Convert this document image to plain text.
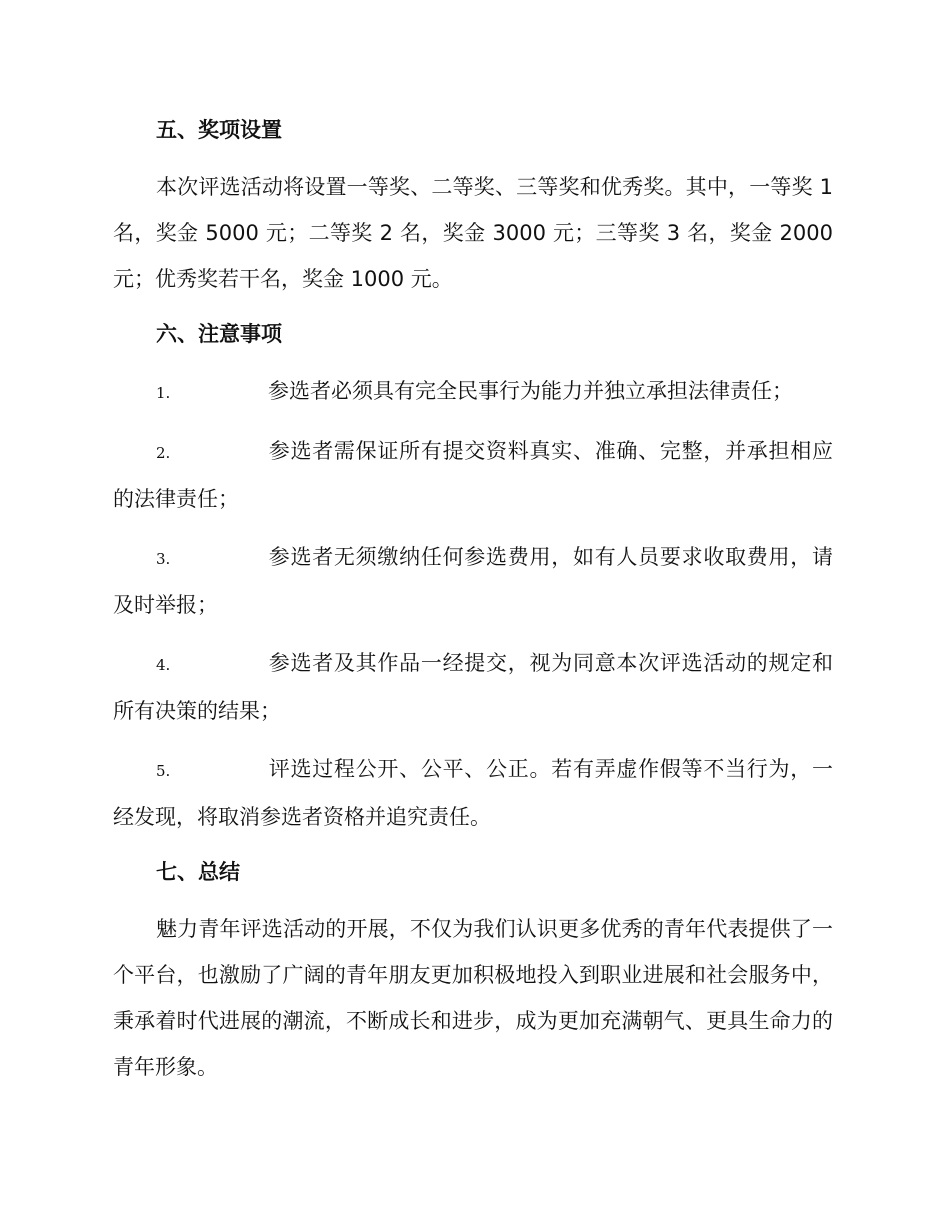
五、奖项设置

本次评选活动将设置一等奖、二等奖、三等奖和优秀奖。其中，一等奖 1 名，奖金 5000 元；二等奖 2 名，奖金 3000 元；三等奖 3 名，奖金 2000 元；优秀奖若干名，奖金 1000 元。

六、注意事项

1.	参选者必须具有完全民事行为能力并独立承担法律责任；

2.	参选者需保证所有提交资料真实、准确、完整，并承担相应的法律责任；

3.	参选者无须缴纳任何参选费用，如有人员要求收取费用，请及时举报；

4.	参选者及其作品一经提交，视为同意本次评选活动的规定和所有决策的结果；

5.	评选过程公开、公平、公正。若有弄虚作假等不当行为，一经发现，将取消参选者资格并追究责任。

七、总结

魅力青年评选活动的开展，不仅为我们认识更多优秀的青年代表提供了一个平台，也激励了广阔的青年朋友更加积极地投入到职业进展和社会服务中，秉承着时代进展的潮流，不断成长和进步，成为更加充满朝气、更具生命力的青年形象。
